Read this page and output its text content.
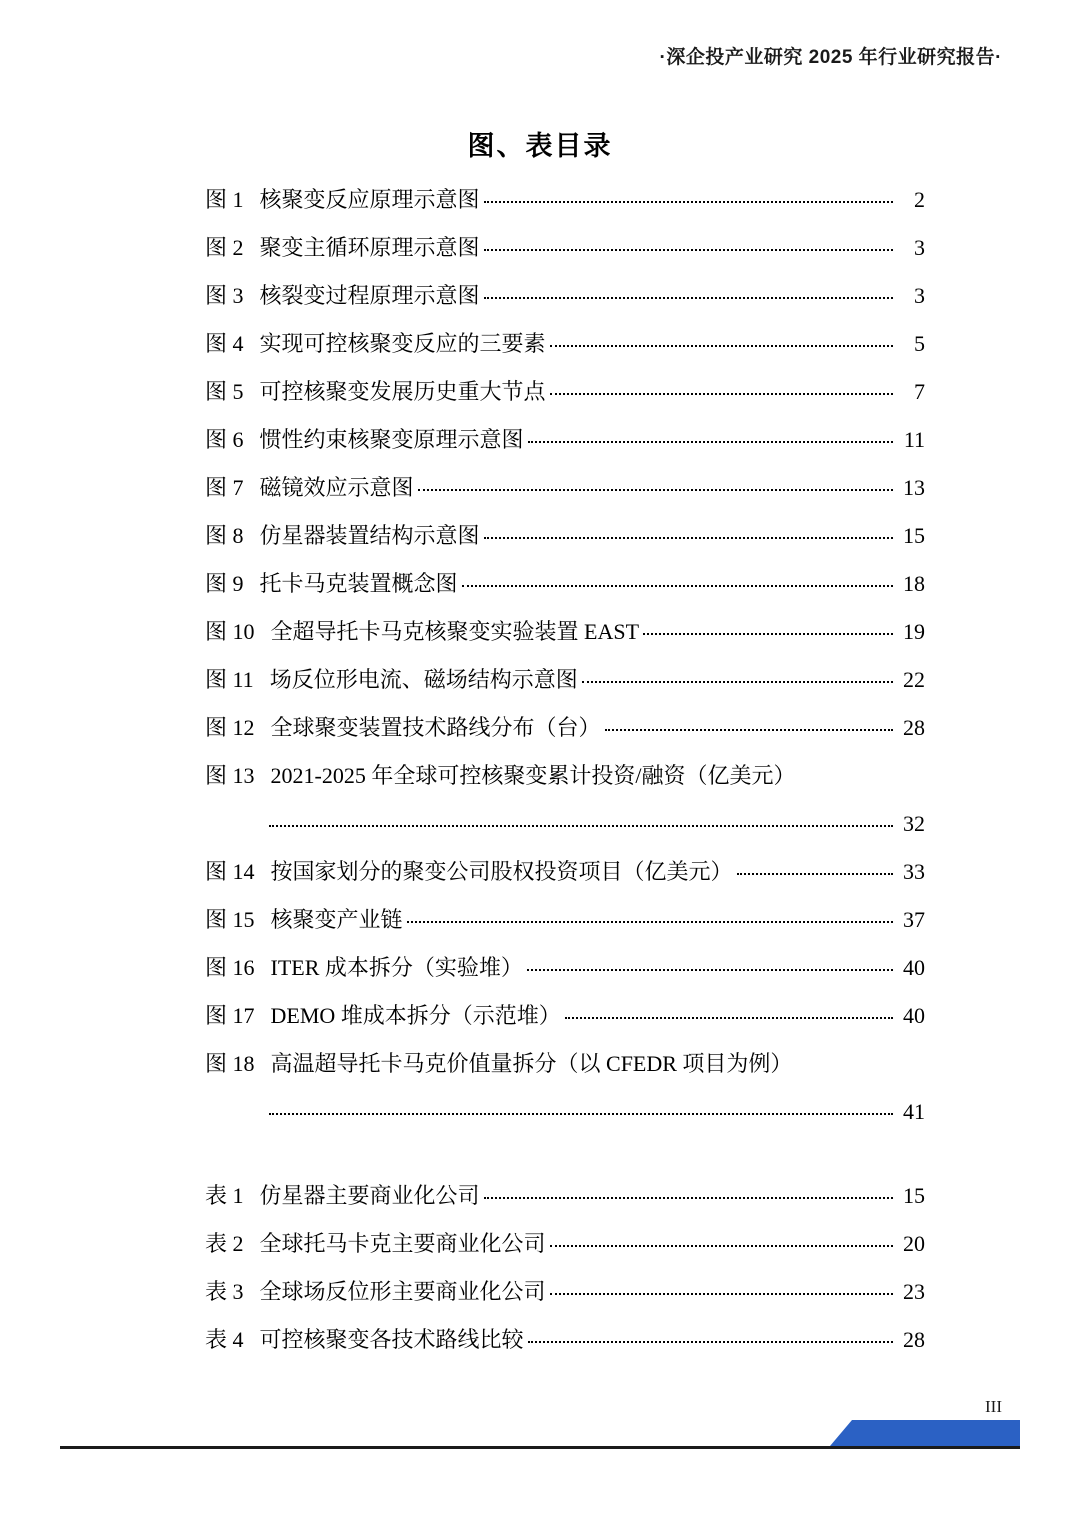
·深企投产业研究 2025 年行业研究报告·
图、表目录
图 1 核聚变反应原理示意图	2
图 2 聚变主循环原理示意图	3
图 3 核裂变过程原理示意图	3
图 4 实现可控核聚变反应的三要素	5
图 5 可控核聚变发展历史重大节点	7
图 6 惯性约束核聚变原理示意图	11
图 7 磁镜效应示意图	13
图 8 仿星器装置结构示意图	15
图 9 托卡马克装置概念图	18
图 10 全超导托卡马克核聚变实验装置 EAST	19
图 11 场反位形电流、磁场结构示意图	22
图 12 全球聚变装置技术路线分布（台）	28
图 13 2021-2025 年全球可控核聚变累计投资/融资（亿美元）
32
图 14 按国家划分的聚变公司股权投资项目（亿美元）	33
图 15 核聚变产业链	37
图 16 ITER 成本拆分（实验堆）	40
图 17 DEMO 堆成本拆分（示范堆）	40
图 18 高温超导托卡马克价值量拆分（以 CFEDR 项目为例）
41
表 1 仿星器主要商业化公司	15
表 2 全球托马卡克主要商业化公司	20
表 3 全球场反位形主要商业化公司	23
表 4 可控核聚变各技术路线比较	28
III
